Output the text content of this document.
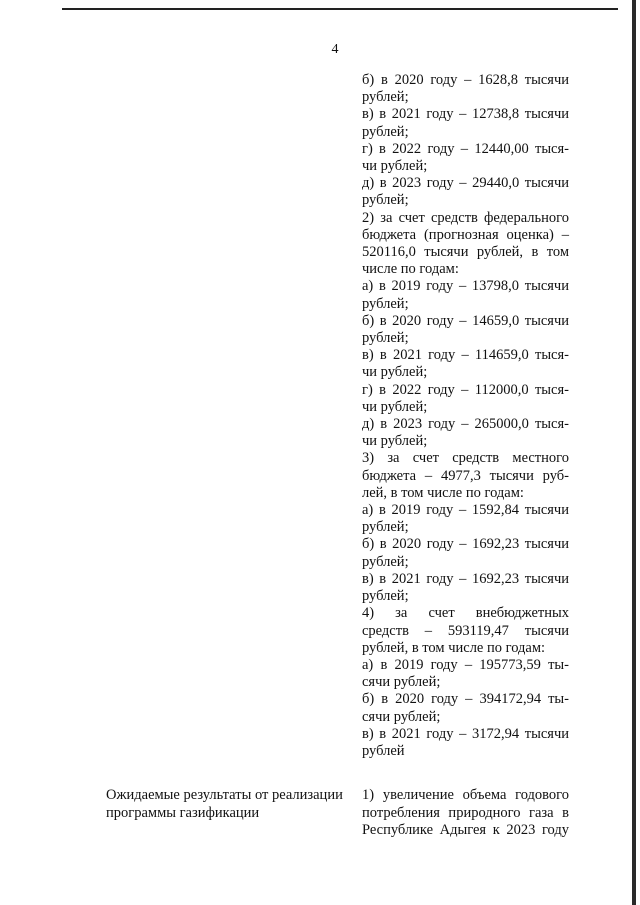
4
б) в 2020 году – 1628,8 тысячи
рублей;
в) в 2021 году – 12738,8 тысячи
рублей;
г) в 2022 году – 12440,00 тыся-
чи рублей;
д) в 2023 году – 29440,0 тысячи
рублей;
2) за счет средств федерального
бюджета (прогнозная оценка) –
520116,0 тысячи рублей, в том
числе по годам:
а) в 2019 году – 13798,0 тысячи
рублей;
б) в 2020 году – 14659,0 тысячи
рублей;
в) в 2021 году – 114659,0 тыся-
чи рублей;
г) в 2022 году – 112000,0 тыся-
чи рублей;
д) в 2023 году – 265000,0 тыся-
чи рублей;
3) за счет средств местного
бюджета – 4977,3 тысячи руб-
лей, в том числе по годам:
а) в 2019 году – 1592,84 тысячи
рублей;
б) в 2020 году – 1692,23 тысячи
рублей;
в) в 2021 году – 1692,23 тысячи
рублей;
4) за счет внебюджетных
средств – 593119,47 тысячи
рублей, в том числе по годам:
а) в 2019 году – 195773,59 ты-
сячи рублей;
б) в 2020 году – 394172,94 ты-
сячи рублей;
в) в 2021 году – 3172,94 тысячи
рублей
Ожидаемые результаты от реализации
программы газификации
1) увеличение объема годового
потребления природного газа в
Республике Адыгея к 2023 году
